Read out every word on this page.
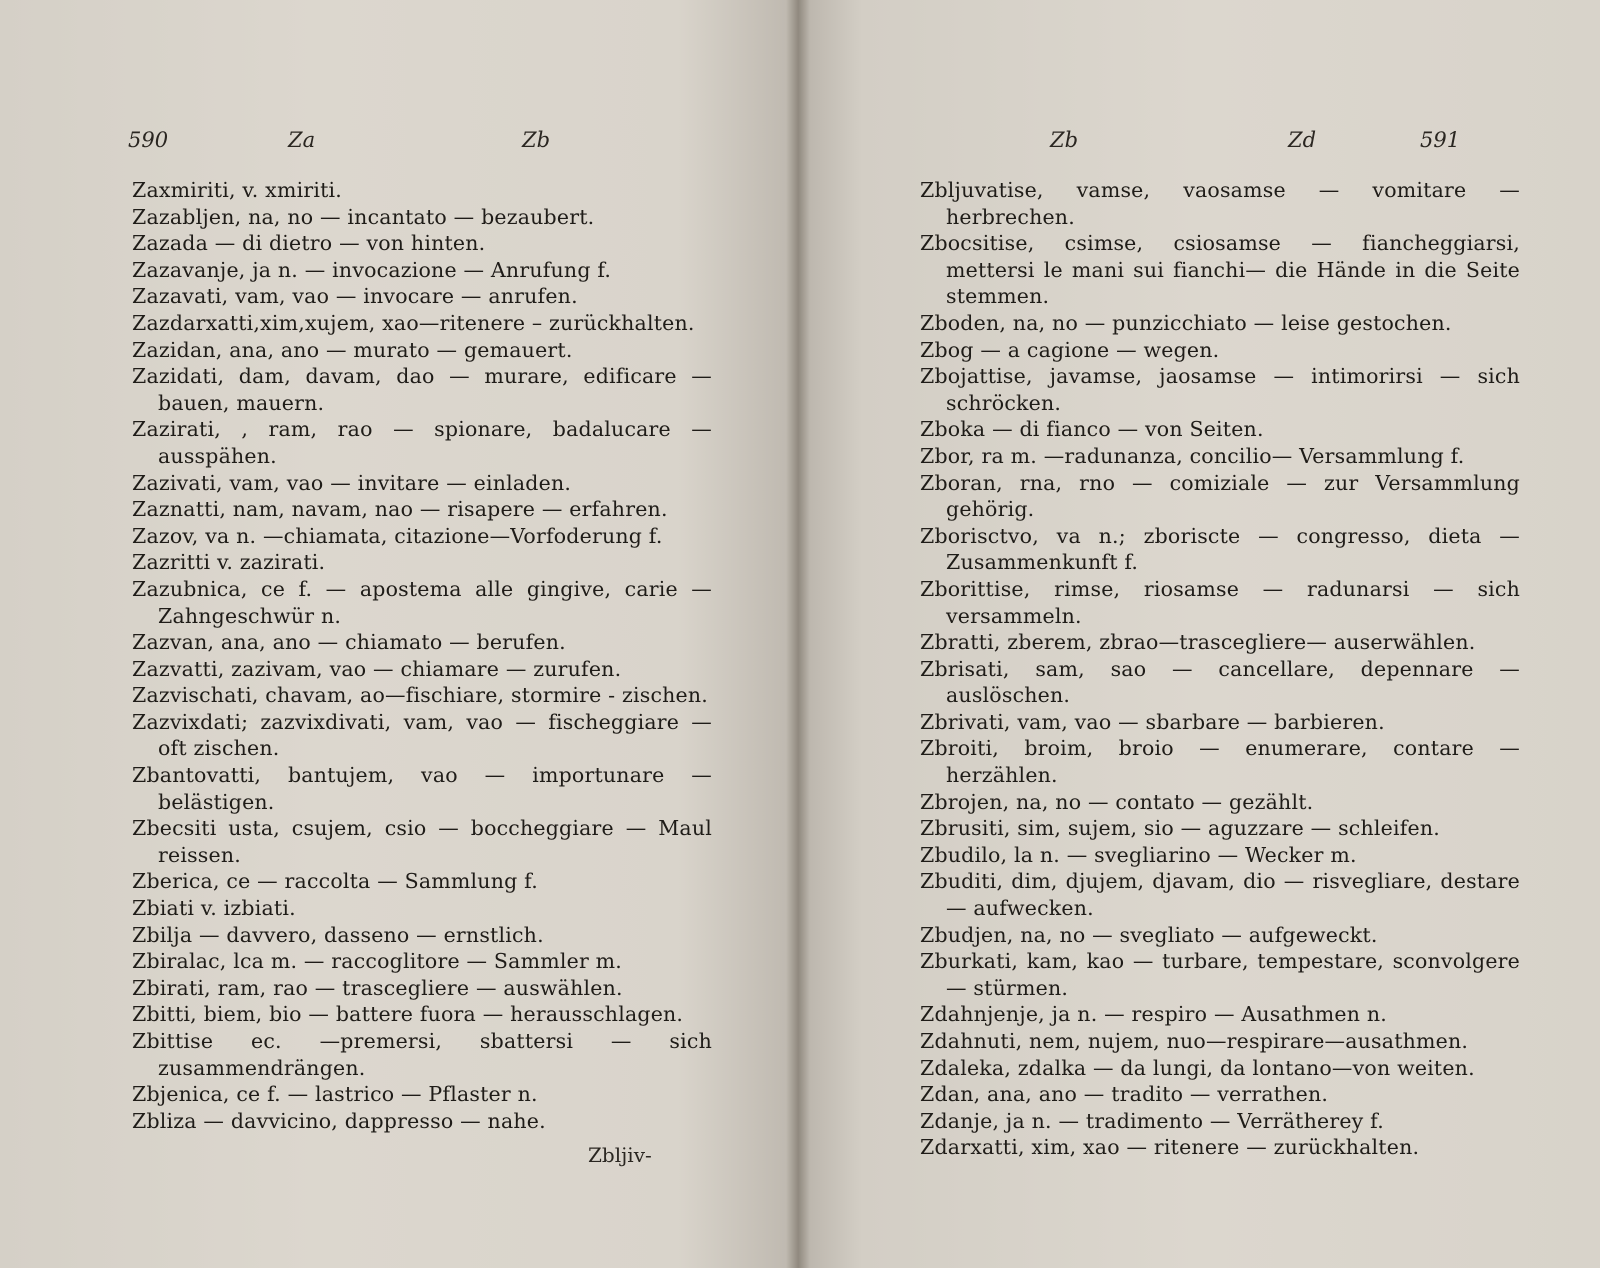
590	Za	Zb

Zaxmiriti, v. xmiriti.

Zazabljen, na, no — incantato — bezaubert.

Zazada — di dietro — von hinten.

Zazavanje, ja n. — invocazione — Anrufung f.

Zazavati, vam, vao — invocare — anrufen.

Zazdarxatti,xim,xujem, xao—ritenere – zurückhalten.

Zazidan, ana, ano — murato — gemauert.

Zazidati, dam, davam, dao — murare, edificare — bauen, mauern.

Zazirati, , ram, rao — spionare, badalucare — ausspähen.

Zazivati, vam, vao — invitare — einladen.

Zaznatti, nam, navam, nao — risapere — erfahren.

Zazov, va n. —chiamata, citazione—Vorfoderung f.

Zazritti v. zazirati.

Zazubnica, ce f. — apostema alle gingive, carie — Zahngeschwür n.

Zazvan, ana, ano — chiamato — berufen.

Zazvatti, zazivam, vao — chiamare — zurufen.

Zazvischati, chavam, ao—fischiare, stormire - zischen.

Zazvixdati; zazvixdivati, vam, vao — fischeggiare — oft zischen.

Zbantovatti, bantujem, vao — importunare — belästigen.

Zbecsiti usta, csujem, csio — boccheggiare — Maul reissen.

Zberica, ce — raccolta — Sammlung f.

Zbiati v. izbiati.

Zbilja — davvero, dasseno — ernstlich.

Zbiralac, lca m. — raccoglitore — Sammler m.

Zbirati, ram, rao — trascegliere — auswählen.

Zbitti, biem, bio — battere fuora — herausschlagen.

Zbittise ec. —premersi, sbattersi — sich zusammendrängen.

Zbjenica, ce f. — lastrico — Pflaster n.

Zbliza — davvicino, dappresso — nahe.

Zbljiv-
Zb	Zd	591

Zbljuvatise, vamse, vaosamse — vomitare — herbrechen.

Zbocsitise, csimse, csiosamse — fiancheggiarsi, mettersi le mani sui fianchi— die Hände in die Seite stemmen.

Zboden, na, no — punzicchiato — leise gestochen.

Zbog — a cagione — wegen.

Zbojattise, javamse, jaosamse — intimorirsi — sich schröcken.

Zboka — di fianco — von Seiten.

Zbor, ra m. —radunanza, concilio— Versammlung f.

Zboran, rna, rno — comiziale — zur Versammlung gehörig.

Zborisctvo, va n.; zboriscte — congresso, dieta — Zusammenkunft f.

Zborittise, rimse, riosamse — radunarsi — sich versammeln.

Zbratti, zberem, zbrao—trascegliere— auserwählen.

Zbrisati, sam, sao — cancellare, depennare — auslöschen.

Zbrivati, vam, vao — sbarbare — barbieren.

Zbroiti, broim, broio — enumerare, contare — herzählen.

Zbrojen, na, no — contato — gezählt.

Zbrusiti, sim, sujem, sio — aguzzare — schleifen.

Zbudilo, la n. — svegliarino — Wecker m.

Zbuditi, dim, djujem, djavam, dio — risvegliare, destare — aufwecken.

Zbudjen, na, no — svegliato — aufgeweckt.

Zburkati, kam, kao — turbare, tempestare, sconvolgere — stürmen.

Zdahnjenje, ja n. — respiro — Ausathmen n.

Zdahnuti, nem, nujem, nuo—respirare—ausathmen.

Zdaleka, zdalka — da lungi, da lontano—von weiten.

Zdan, ana, ano — tradito — verrathen.

Zdanje, ja n. — tradimento — Verrätherey f.

Zdarxatti, xim, xao — ritenere — zurückhalten.
